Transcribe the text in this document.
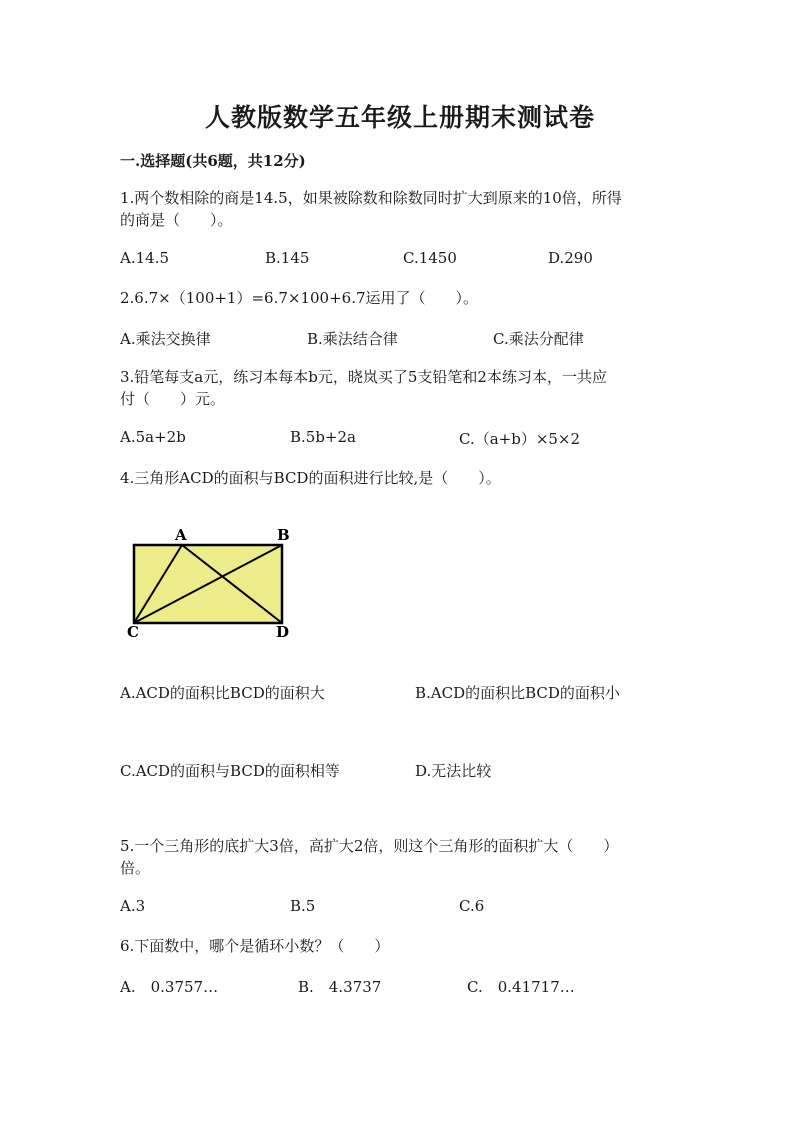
人教版数学五年级上册期末测试卷
一.选择题(共6题，共12分)
1.两个数相除的商是14.5，如果被除数和除数同时扩大到原来的10倍，所得
的商是（　　）。
A.14.5	B.145	C.1450	D.290
2.6.7×（100+1）=6.7×100+6.7运用了（　　）。
A.乘法交换律	B.乘法结合律	C.乘法分配律
3.铅笔每支a元，练习本每本b元，晓岚买了5支铅笔和2本练习本，一共应
付（　　）元。
A.5a+2b	B.5b+2a	C.（a+b）×5×2
4.三角形ACD的面积与BCD的面积进行比较,是（　　）。
A	B
C	D
A.ACD的面积比BCD的面积大	B.ACD的面积比BCD的面积小
C.ACD的面积与BCD的面积相等	D.无法比较
5.一个三角形的底扩大3倍，高扩大2倍，则这个三角形的面积扩大（　　）
倍。
A.3	B.5	C.6
6.下面数中，哪个是循环小数？（　　）
A.　0.3757…	B.　4.3737	C.　0.41717…
